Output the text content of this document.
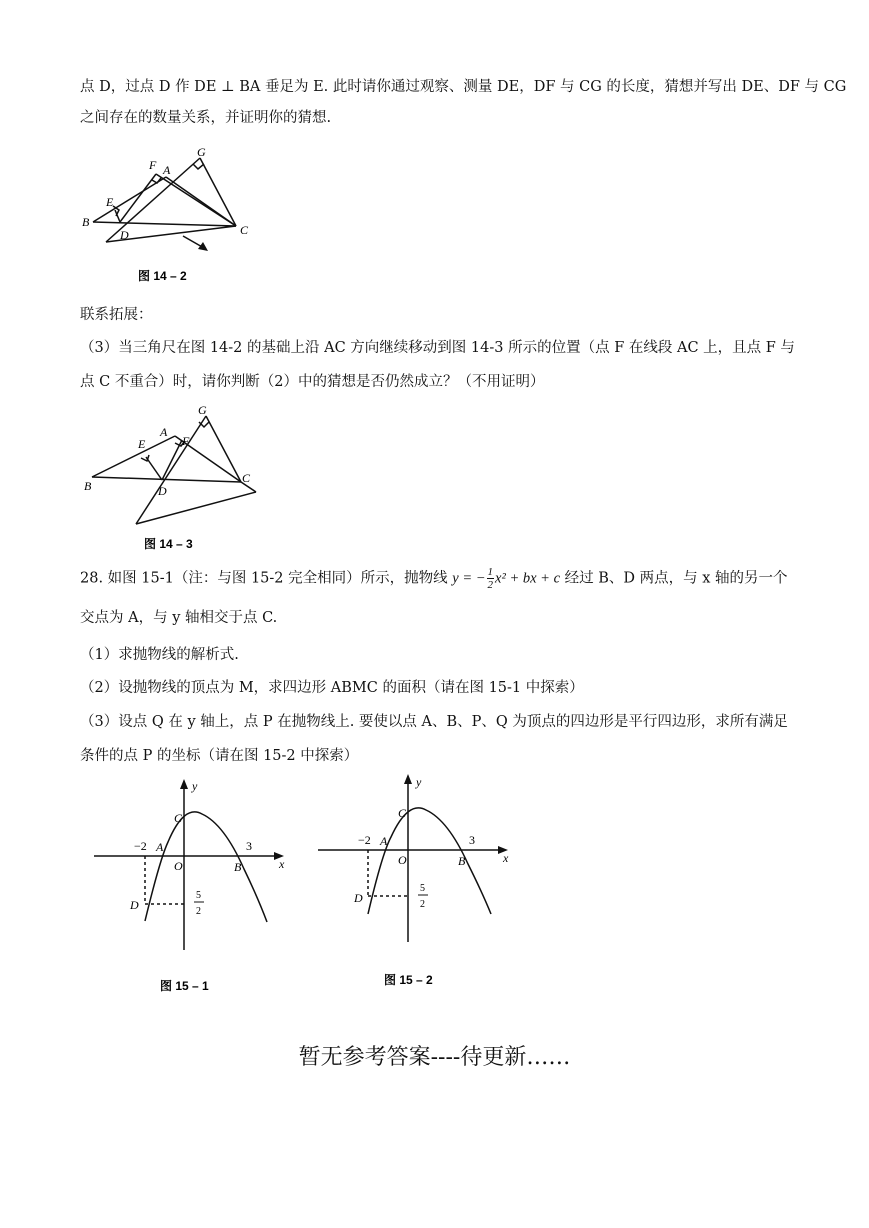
点 D，过点 D 作 DE ⊥ BA 垂足为 E. 此时请你通过观察、测量 DE，DF 与 CG 的长度，猜想并写出 DE、DF 与 CG
之间存在的数量关系，并证明你的猜想.
B
C
D
E
F A
G
图 14 – 2
联系拓展：
（3）当三角尺在图 14-2 的基础上沿 AC 方向继续移动到图 14-3 所示的位置（点 F 在线段 AC 上，且点 F 与
点 C 不重合）时，请你判断（2）中的猜想是否仍然成立？（不用证明）
B
C
D
E
A
F
G
图 14 – 3
28. 如图 15-1（注：与图 15-2 完全相同）所示，抛物线 y = − $\frac{1}{2} x^2$ + bx + c 经过 B、D 两点，与 x 轴的另一个
交点为 A，与 y 轴相交于点 C.
（1）求抛物线的解析式.
（2）设抛物线的顶点为 M，求四边形 ABMC 的面积（请在图 15-1 中探索）
（3）设点 Q 在 y 轴上，点 P 在抛物线上. 要使以点 A、B、P、Q 为顶点的四边形是平行四边形，求所有满足
条件的点 P 的坐标（请在图 15-2 中探索）
y
x
C
−2 A
O
3
B
D
5
2
图 15 – 1
y
x
C
−2 A
O
3
B
D
5
2
图 15 – 2
暂无参考答案----待更新……
